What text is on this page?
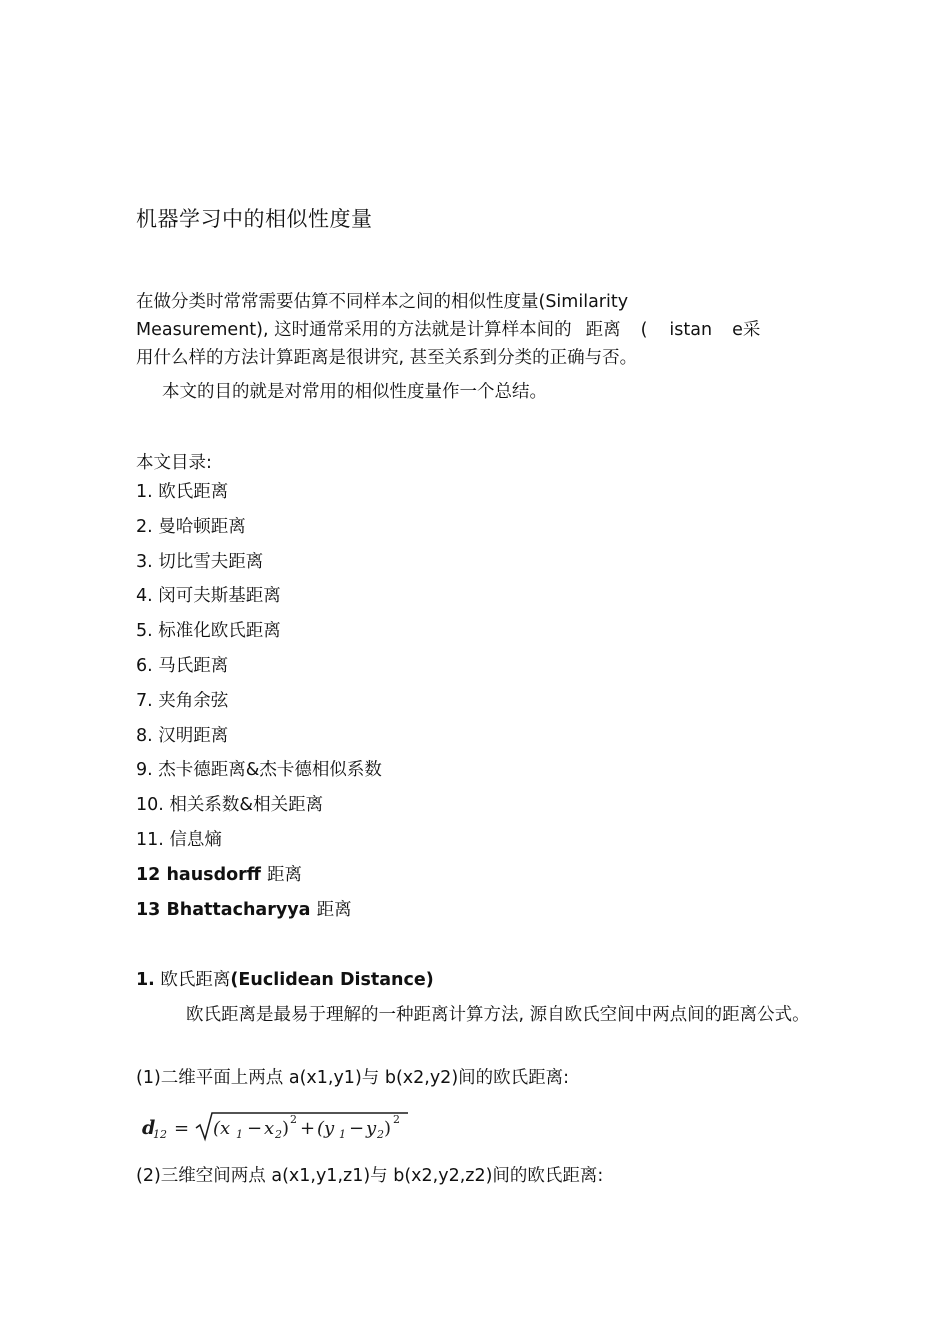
机器学习中的相似性度量
在做分类时常常需要估算不同样本之间的相似性度量(Similarity
Measurement), 这时通常采用的方法就是计算样本间的 距离 ( istan e采
用什么样的方法计算距离是很讲究, 甚至关系到分类的正确与否。
本文的目的就是对常用的相似性度量作一个总结。
本文目录:
1. 欧氏距离
2. 曼哈顿距离
3. 切比雪夫距离
4. 闵可夫斯基距离
5. 标准化欧氏距离
6. 马氏距离
7. 夹角余弦
8. 汉明距离
9. 杰卡德距离&杰卡德相似系数
10. 相关系数&相关距离
11. 信息熵
12 hausdorff 距离
13 Bhattacharyya 距离
1. 欧氏距离(Euclidean Distance)
欧氏距离是最易于理解的一种距离计算方法, 源自欧氏空间中两点间的距离公式。
(1)二维平面上两点 a(x1,y1)与 b(x2,y2)间的欧氏距离:
d
12 = (x 1 − x 2 ) 2 + (y 1 − y 2 ) 2
(2)三维空间两点 a(x1,y1,z1)与 b(x2,y2,z2)间的欧氏距离:
